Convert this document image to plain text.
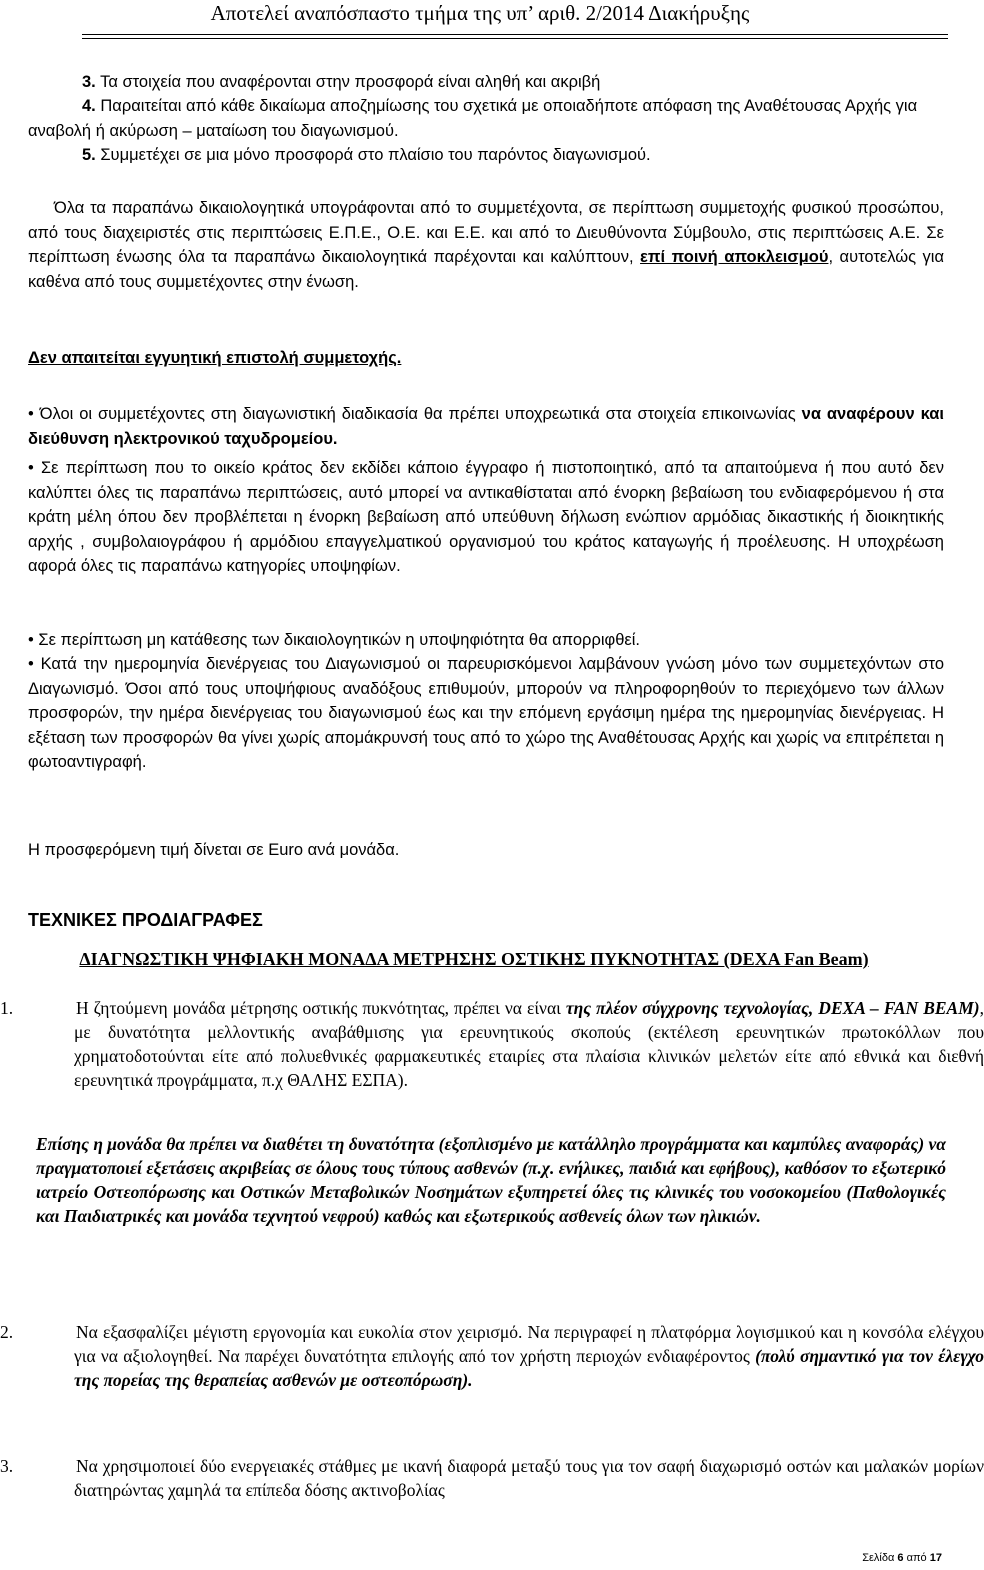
Αποτελεί αναπόσπαστο τμήμα της υπ’ αριθ. 2/2014 Διακήρυξης

3. Τα στοιχεία που αναφέρονται στην προσφορά είναι αληθή και ακριβή

4. Παραιτείται από κάθε δικαίωμα αποζημίωσης του σχετικά με οποιαδήποτε απόφαση της Αναθέτουσας Αρχής για αναβολή ή ακύρωση – ματαίωση του διαγωνισμού.

5. Συμμετέχει σε μια μόνο προσφορά στο πλαίσιο του παρόντος διαγωνισμού.

Όλα τα παραπάνω δικαιολογητικά υπογράφονται από το συμμετέχοντα, σε περίπτωση συμμετοχής φυσικού προσώπου, από τους διαχειριστές στις περιπτώσεις Ε.Π.Ε., Ο.Ε. και Ε.Ε. και από το Διευθύνοντα Σύμβουλο, στις περιπτώσεις Α.Ε. Σε περίπτωση ένωσης όλα τα παραπάνω δικαιολογητικά παρέχονται και καλύπτουν, επί ποινή αποκλεισμού, αυτοτελώς για καθένα από τους συμμετέχοντες στην ένωση.

Δεν απαιτείται εγγυητική επιστολή συμμετοχής.

• Όλοι οι συμμετέχοντες στη διαγωνιστική διαδικασία θα πρέπει υποχρεωτικά στα στοιχεία επικοινωνίας να αναφέρουν και διεύθυνση ηλεκτρονικού ταχυδρομείου.

• Σε περίπτωση που το οικείο κράτος δεν εκδίδει κάποιο έγγραφο ή πιστοποιητικό, από τα απαιτούμενα ή που αυτό δεν καλύπτει όλες τις παραπάνω περιπτώσεις, αυτό μπορεί να αντικαθίσταται από ένορκη βεβαίωση του ενδιαφερόμενου ή στα κράτη μέλη όπου δεν προβλέπεται η ένορκη βεβαίωση από υπεύθυνη δήλωση ενώπιον αρμόδιας δικαστικής ή διοικητικής αρχής , συμβολαιογράφου ή αρμόδιου επαγγελματικού οργανισμού του κράτος καταγωγής ή προέλευσης. Η υποχρέωση αφορά όλες τις παραπάνω κατηγορίες υποψηφίων.

• Σε περίπτωση μη κατάθεσης των δικαιολογητικών η υποψηφιότητα θα απορριφθεί.

• Κατά την ημερομηνία διενέργειας του Διαγωνισμού οι παρευρισκόμενοι λαμβάνουν γνώση μόνο των συμμετεχόντων στο Διαγωνισμό. Όσοι από τους υποψήφιους αναδόξους επιθυμούν, μπορούν να πληροφορηθούν το περιεχόμενο των άλλων προσφορών, την ημέρα διενέργειας του διαγωνισμού έως και την επόμενη εργάσιμη ημέρα της ημερομηνίας διενέργειας. Η εξέταση των προσφορών θα γίνει χωρίς απομάκρυνσή τους από το χώρο της Αναθέτουσας Αρχής και χωρίς να επιτρέπεται η φωτοαντιγραφή.

Η προσφερόμενη τιμή δίνεται σε Euro ανά μονάδα.

ΤΕΧΝΙΚΕΣ ΠΡΟΔΙΑΓΡΑΦΕΣ

ΔΙΑΓΝΩΣΤΙΚΗ ΨΗΦΙΑΚΗ ΜΟΝΑΔΑ ΜΕΤΡΗΣΗΣ ΟΣΤΙΚΗΣ ΠΥΚΝΟΤΗΤΑΣ (DEXA Fan Beam)

1.	Η ζητούμενη μονάδα μέτρησης οστικής πυκνότητας, πρέπει να είναι της πλέον σύγχρονης τεχνολογίας, DEXA – FAN BEAM), με δυνατότητα μελλοντικής αναβάθμισης για ερευνητικούς σκοπούς (εκτέλεση ερευνητικών πρωτοκόλλων που χρηματοδοτούνται είτε από πολυεθνικές φαρμακευτικές εταιρίες στα πλαίσια κλινικών μελετών είτε από εθνικά και διεθνή ερευνητικά προγράμματα, π.χ ΘΑΛΗΣ ΕΣΠΑ).

Επίσης η μονάδα θα πρέπει να διαθέτει τη δυνατότητα (εξοπλισμένο με κατάλληλο προγράμματα και καμπύλες αναφοράς) να πραγματοποιεί εξετάσεις ακριβείας σε όλους τους τύπους ασθενών (π.χ. ενήλικες, παιδιά και εφήβους), καθόσον το εξωτερικό ιατρείο Οστεοπόρωσης και Οστικών Μεταβολικών Νοσημάτων εξυπηρετεί όλες τις κλινικές του νοσοκομείου (Παθολογικές και Παιδιατρικές και μονάδα τεχνητού νεφρού) καθώς και εξωτερικούς ασθενείς όλων των ηλικιών.

2.	Να εξασφαλίζει μέγιστη εργονομία και ευκολία στον χειρισμό. Να περιγραφεί η πλατφόρμα λογισμικού και η κονσόλα ελέγχου για να αξιολογηθεί. Να παρέχει δυνατότητα επιλογής από τον χρήστη περιοχών ενδιαφέροντος (πολύ σημαντικό για τον έλεγχο της πορείας της θεραπείας ασθενών με οστεοπόρωση).

3.	Να χρησιμοποιεί δύο ενεργειακές στάθμες με ικανή διαφορά μεταξύ τους για τον σαφή διαχωρισμό οστών και μαλακών μορίων διατηρώντας χαμηλά τα επίπεδα δόσης ακτινοβολίας

Σελίδα 6 από 17
